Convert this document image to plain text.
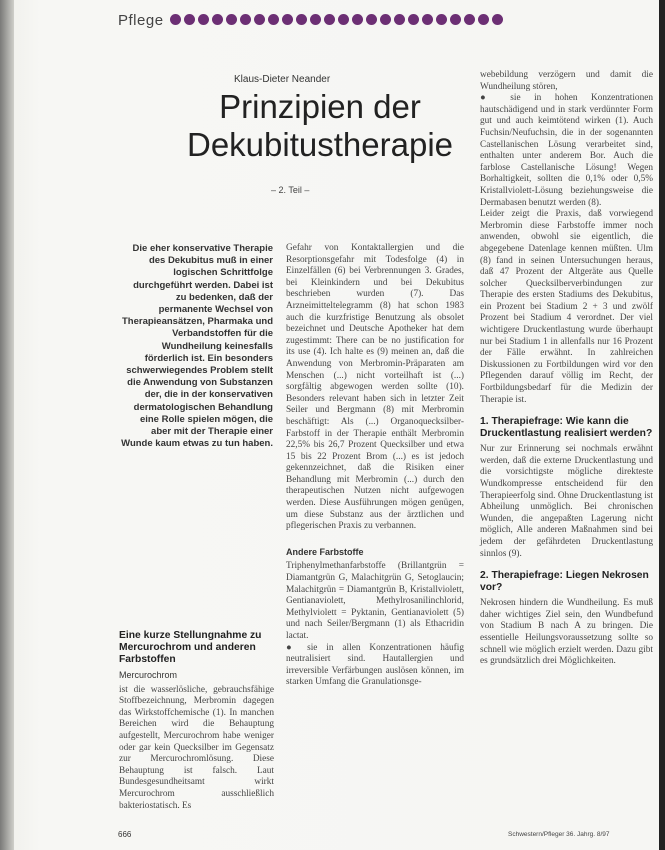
Pflege
Klaus-Dieter Neander
Prinzipien der
Dekubitustherapie
– 2. Teil –
Die eher konservative Therapie des Dekubitus muß in einer logischen Schrittfolge durchgeführt werden. Dabei ist zu bedenken, daß der permanente Wechsel von Therapieansätzen, Pharmaka und Verbandstoffen für die Wundheilung keinesfalls förderlich ist. Ein besonders schwerwiegendes Problem stellt die Anwendung von Substanzen der, die in der konservativen dermatologischen Behandlung eine Rolle spielen mögen, die aber mit der Therapie einer Wunde kaum etwas zu tun haben.
Eine kurze Stellungnahme zu Mercurochrom und anderen Farbstoffen
Mercurochrom

ist die wasserlösliche, gebrauchsfähige Stoffbezeichnung, Merbromin dagegen das Wirkstoffchemische (1). In manchen Bereichen wird die Behauptung aufgestellt, Mercurochrom habe weniger oder gar kein Quecksilber im Gegensatz zur Mercurochromlösung. Diese Behauptung ist falsch. Laut Bundesgesundheitsamt wirkt Mercurochrom ausschließlich bakteriostatisch. Es

Gefahr von Kontaktallergien und die Resorptionsgefahr mit Todesfolge (4) in Einzelfällen (6) bei Verbrennungen 3. Grades, bei Kleinkindern und bei Dekubitus beschrieben wurden (7). Das Arzneimitteltelegramm (8) hat schon 1983 auch die kurzfristige Benutzung als obsolet bezeichnet und Deutsche Apotheker hat dem zugestimmt: There can be no justification for its use (4). Ich halte es (9) meinen an, daß die Anwendung von Merbromin-Präparaten am Menschen (...) nicht vorteilhaft ist (...) sorgfältig abgewogen werden sollte (10). Besonders relevant haben sich in letzter Zeit Seiler und Bergmann (8) mit Merbromin beschäftigt: Als (...) Organoquecksilber-Farbstoff in der Therapie enthält Merbromin 22,5% bis 26,7 Prozent Quecksilber und etwa 15 bis 22 Prozent Brom (...) es ist jedoch gekennzeichnet, daß die Risiken einer Behandlung mit Merbromin (...) durch den therapeutischen Nutzen nicht aufgewogen werden. Diese Ausführungen mögen genügen, um diese Substanz aus der ärztlichen und pflegerischen Praxis zu verbannen.

Andere Farbstoffe

Triphenylmethanfarbstoffe (Brillantgrün = Diamantgrün G, Malachitgrün G, Setoglaucin; Malachitgrün = Diamantgrün B, Kristallviolett, Gentianaviolett, Methylrosanilinchlorid, Methylviolett = Pyktanin, Gentianaviolett (5) und nach Seiler/Bergmann (1) als Ethacridin lactat.

● sie in allen Konzentrationen häufig neutralisiert sind. Hautallergien und irreversible Verfärbungen auslösen können, im starken Umfang die Granulationsge-

webebildung verzögern und damit die Wundheilung stören,

● sie in hohen Konzentrationen hautschädigend und in stark verdünnter Form gut und auch keimtötend wirken (1). Auch Fuchsin/Neufuchsin, die in der sogenannten Castellanischen Lösung verarbeitet sind, enthalten unter anderem Bor. Auch die farblose Castellanische Lösung! Wegen Borhaltigkeit, sollten die 0,1% oder 0,5% Kristallviolett-Lösung beziehungsweise die Dermabasen benutzt werden (8).

Leider zeigt die Praxis, daß vorwiegend Merbromin diese Farbstoffe immer noch anwenden, obwohl sie eigentlich, die abgegebene Datenlage kennen müßten. Ulm (8) fand in seinen Untersuchungen heraus, daß 47 Prozent der Altgeräte aus Quelle solcher Quecksilberverbindungen zur Therapie des ersten Stadiums des Dekubitus, ein Prozent bei Stadium 2 + 3 und zwölf Prozent bei Stadium 4 verordnet. Der viel wichtigere Druckentlastung wurde überhaupt nur bei Stadium 1 in allenfalls nur 16 Prozent der Fälle erwähnt. In zahlreichen Diskussionen zu Fortbildungen wird vor den Pflegenden darauf völlig im Recht, der Fortbildungsbedarf für die Medizin der Therapie ist.

1. Therapiefrage: Wie kann die Druckentlastung realisiert werden?

Nur zur Erinnerung sei nochmals erwähnt werden, daß die externe Druckentlastung und die vorsichtigste mögliche direkteste Wundkompresse entscheidend für den Therapieerfolg sind. Ohne Druckentlastung ist Abheilung unmöglich. Bei chronischen Wunden, die angepaßten Lagerung nicht möglich, Alle anderen Maßnahmen sind bei jedem der gefährdeten Druckentlastung sinnlos (9).

2. Therapiefrage: Liegen Nekrosen vor?

Nekrosen hindern die Wundheilung. Es muß daher wichtiges Ziel sein, den Wundbefund von Stadium B nach A zu bringen. Die essentielle Heilungsvoraussetzung sollte so schnell wie möglich erzielt werden. Dazu gibt es grundsätzlich drei Möglichkeiten.

666	Schwestern/Pfleger 36. Jahrg. 8/97
